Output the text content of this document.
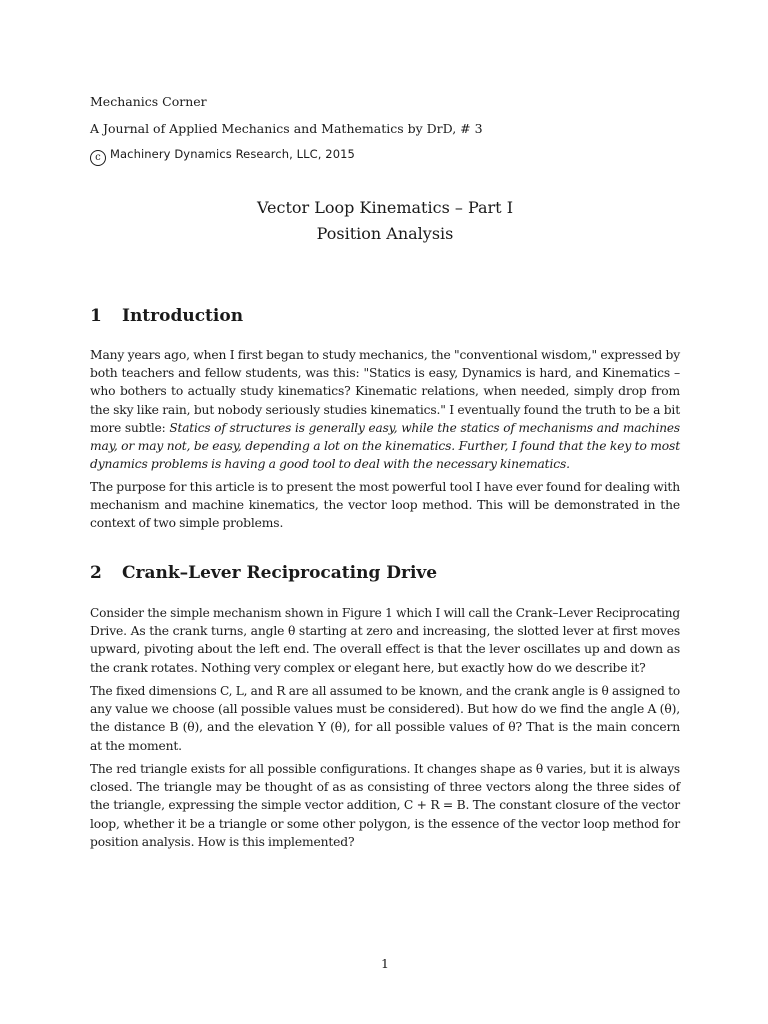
Mechanics Corner
A Journal of Applied Mechanics and Mathematics by DrD, # 3
c Machinery Dynamics Research, LLC, 2015
Vector Loop Kinematics – Part I
Position Analysis
1 Introduction
Many years ago, when I first began to study mechanics, the "conventional wisdom," expressed by
both teachers and fellow students, was this: "Statics is easy, Dynamics is hard, and Kinematics –
who bothers to actually study kinematics? Kinematic relations, when needed, simply drop from
the sky like rain, but nobody seriously studies kinematics." I eventually found the truth to be a bit
more subtle: Statics of structures is generally easy, while the statics of mechanisms and machines
may, or may not, be easy, depending a lot on the kinematics. Further, I found that the key to most
dynamics problems is having a good tool to deal with the necessary kinematics.
The purpose for this article is to present the most powerful tool I have ever found for dealing with
mechanism and machine kinematics, the vector loop method. This will be demonstrated in the
context of two simple problems.
2 Crank–Lever Reciprocating Drive
Consider the simple mechanism shown in Figure 1 which I will call the Crank–Lever Reciprocating
Drive. As the crank turns, angle θ starting at zero and increasing, the slotted lever at first moves
upward, pivoting about the left end. The overall effect is that the lever oscillates up and down as
the crank rotates. Nothing very complex or elegant here, but exactly how do we describe it?
The fixed dimensions C, L, and R are all assumed to be known, and the crank angle is θ assigned to
any value we choose (all possible values must be considered). But how do we find the angle A (θ),
the distance B (θ), and the elevation Y (θ), for all possible values of θ? That is the main concern
at the moment.
The red triangle exists for all possible configurations. It changes shape as θ varies, but it is always
closed. The triangle may be thought of as as consisting of three vectors along the three sides of
the triangle, expressing the simple vector addition, C + R = B. The constant closure of the vector
loop, whether it be a triangle or some other polygon, is the essence of the vector loop method for
position analysis. How is this implemented?
1
